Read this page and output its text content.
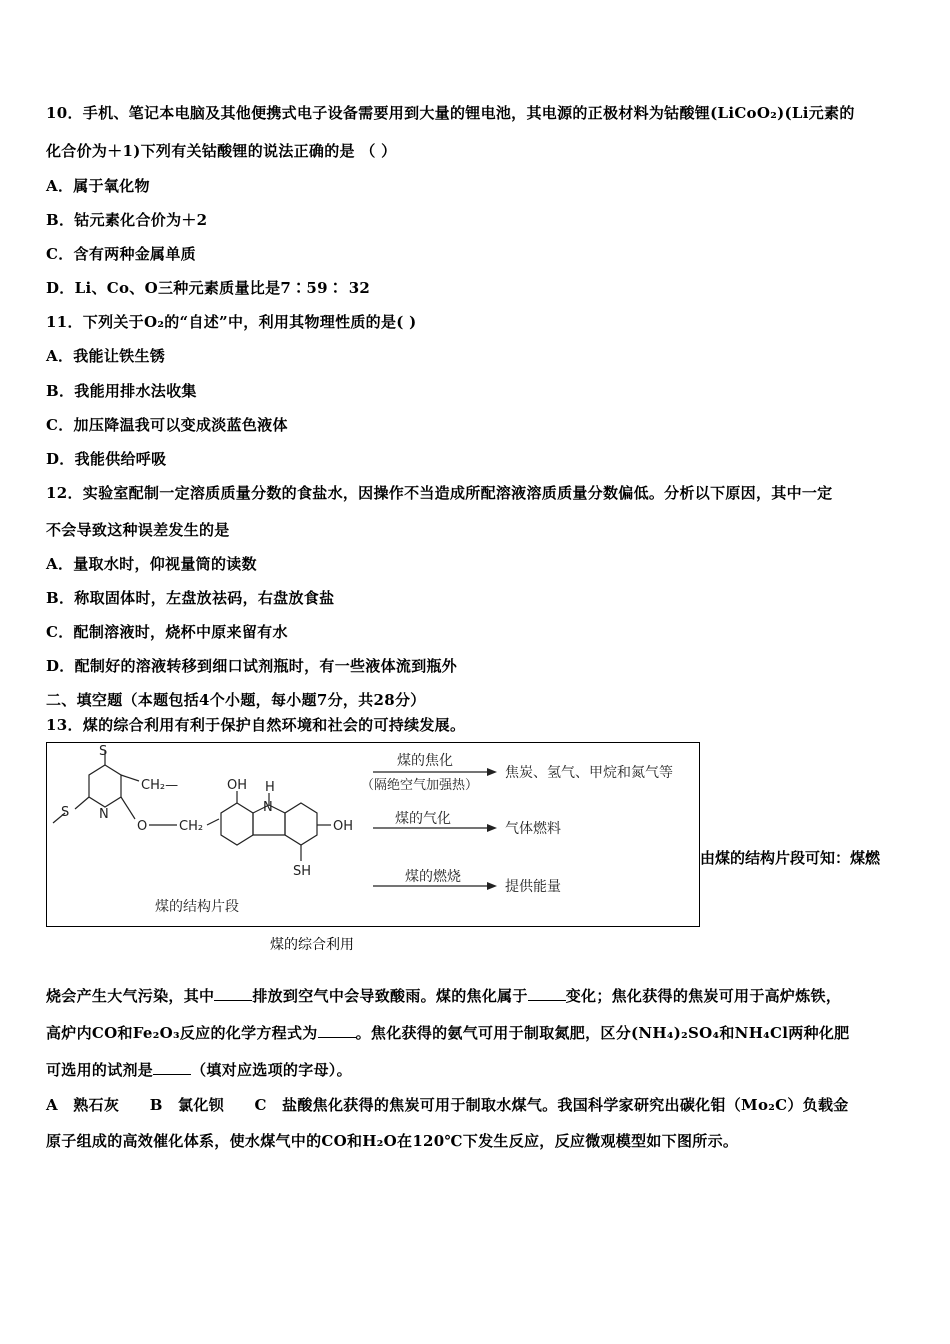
10．手机、笔记本电脑及其他便携式电子设备需要用到大量的锂电池，其电源的正极材料为钴酸锂(LiCoO₂)(Li元素的
化合价为＋1)下列有关钴酸锂的说法正确的是 （ ）
A．属于氧化物
B．钴元素化合价为＋2
C．含有两种金属单质
D．Li、Co、O三种元素质量比是7∶59∶ 32
11．下列关于O₂的“自述”中，利用其物理性质的是( )
A．我能让铁生锈
B．我能用排水法收集
C．加压降温我可以变成淡蓝色液体
D．我能供给呼吸
12．实验室配制一定溶质质量分数的食盐水，因操作不当造成所配溶液溶质质量分数偏低。分析以下原因，其中一定
不会导致这种误差发生的是
A．量取水时，仰视量筒的读数
B．称取固体时，左盘放祛码，右盘放食盐
C．配制溶液时，烧杯中原来留有水
D．配制好的溶液转移到细口试剂瓶时，有一些液体流到瓶外
二、填空题（本题包括4个小题，每小题7分，共28分）
13．煤的综合利用有利于保护自然环境和社会的可持续发展。
S
S N
CH₂—
O CH₂
OH H
N
OH
SH
煤的结构片段
煤的焦化
（隔绝空气加强热）
焦炭、氢气、甲烷和氮气等
煤的气化
气体燃料
煤的燃烧
提供能量
由煤的结构片段可知：煤燃
煤的综合利用
烧会产生大气污染，其中	排放到空气中会导致酸雨。煤的焦化属于	变化；焦化获得的焦炭可用于高炉炼铁，
高炉内CO和Fe₂O₃反应的化学方程式为	。焦化获得的氨气可用于制取氮肥，区分(NH₄)₂SO₄和NH₄Cl两种化肥
可选用的试剂是	（填对应选项的字母）。
A　熟石灰　　B　氯化钡　　C　盐酸焦化获得的焦炭可用于制取水煤气。我国科学家研究出碳化钼（Mo₂C）负载金
原子组成的高效催化体系，使水煤气中的CO和H₂O在120℃下发生反应，反应微观模型如下图所示。
